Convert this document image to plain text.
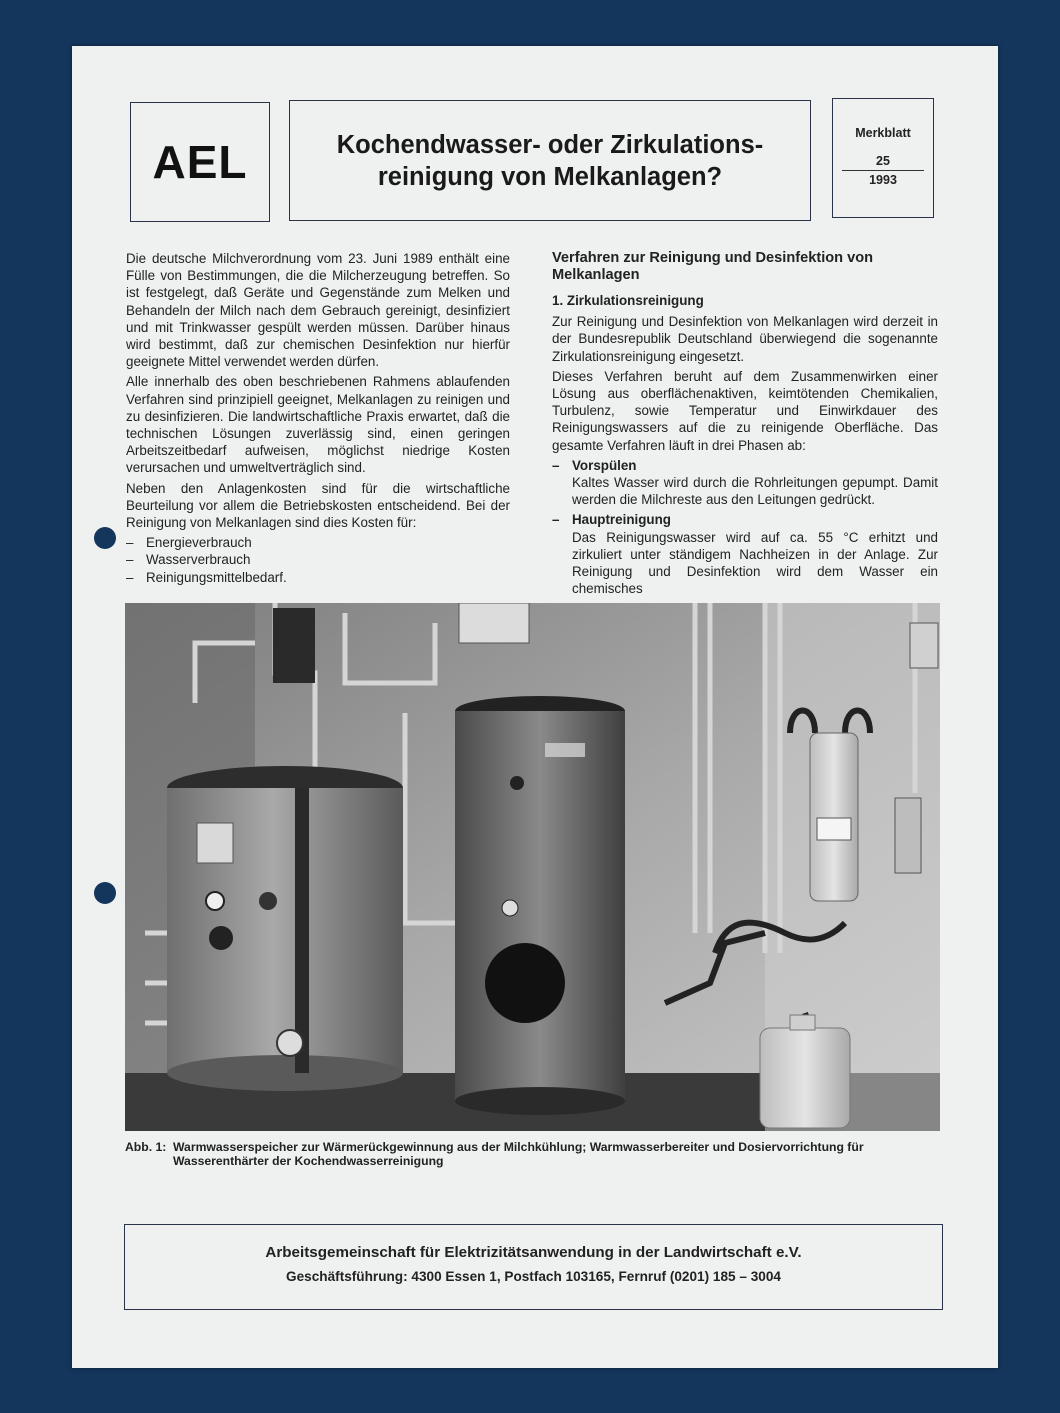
AEL	Kochendwasser- oder Zirkulations-
reinigung von Melkanlagen?
Merkblatt
25
1993

Die deutsche Milchverordnung vom 23. Juni 1989 enthält eine Fülle von Bestimmungen, die die Milcherzeugung betreffen. So ist festgelegt, daß Geräte und Gegenstände zum Melken und Behandeln der Milch nach dem Gebrauch gereinigt, desinfiziert und mit Trinkwasser gespült werden müssen. Darüber hinaus wird bestimmt, daß zur chemischen Desinfektion nur hierfür geeignete Mittel verwendet werden dürfen.

Alle innerhalb des oben beschriebenen Rahmens ablaufenden Verfahren sind prinzipiell geeignet, Melkanlagen zu reinigen und zu desinfizieren. Die landwirtschaftliche Praxis erwartet, daß die technischen Lösungen zuverlässig sind, einen geringen Arbeitszeitbedarf aufweisen, möglichst niedrige Kosten verursachen und umweltverträglich sind.

Neben den Anlagenkosten sind für die wirtschaftliche Beurteilung vor allem die Betriebskosten entscheidend. Bei der Reinigung von Melkanlagen sind dies Kosten für:

– Energieverbrauch
– Wasserverbrauch
– Reinigungsmittelbedarf.

Verfahren zur Reinigung und Desinfektion von Melkanlagen

1. Zirkulationsreinigung

Zur Reinigung und Desinfektion von Melkanlagen wird derzeit in der Bundesrepublik Deutschland überwiegend die sogenannte Zirkulationsreinigung eingesetzt.

Dieses Verfahren beruht auf dem Zusammenwirken einer Lösung aus oberflächenaktiven, keimtötenden Chemikalien, Turbulenz, sowie Temperatur und Einwirkdauer des Reinigungswassers auf die zu reinigende Oberfläche. Das gesamte Verfahren läuft in drei Phasen ab:

– Vorspülen

Kaltes Wasser wird durch die Rohrleitungen gepumpt. Damit werden die Milchreste aus den Leitungen gedrückt.

– Hauptreinigung

Das Reinigungswasser wird auf ca. 55 °C erhitzt und zirkuliert unter ständigem Nachheizen in der Anlage. Zur Reinigung und Desinfektion wird dem Wasser ein chemisches

Abb. 1: Warmwasserspeicher zur Wärmerückgewinnung aus der Milchkühlung; Warmwasserbereiter und Dosiervorrichtung für Wasserenthärter der Kochendwasserreinigung
Arbeitsgemeinschaft für Elektrizitätsanwendung in der Landwirtschaft e.V.
Geschäftsführung: 4300 Essen 1, Postfach 103165, Fernruf (0201) 185 – 3004
